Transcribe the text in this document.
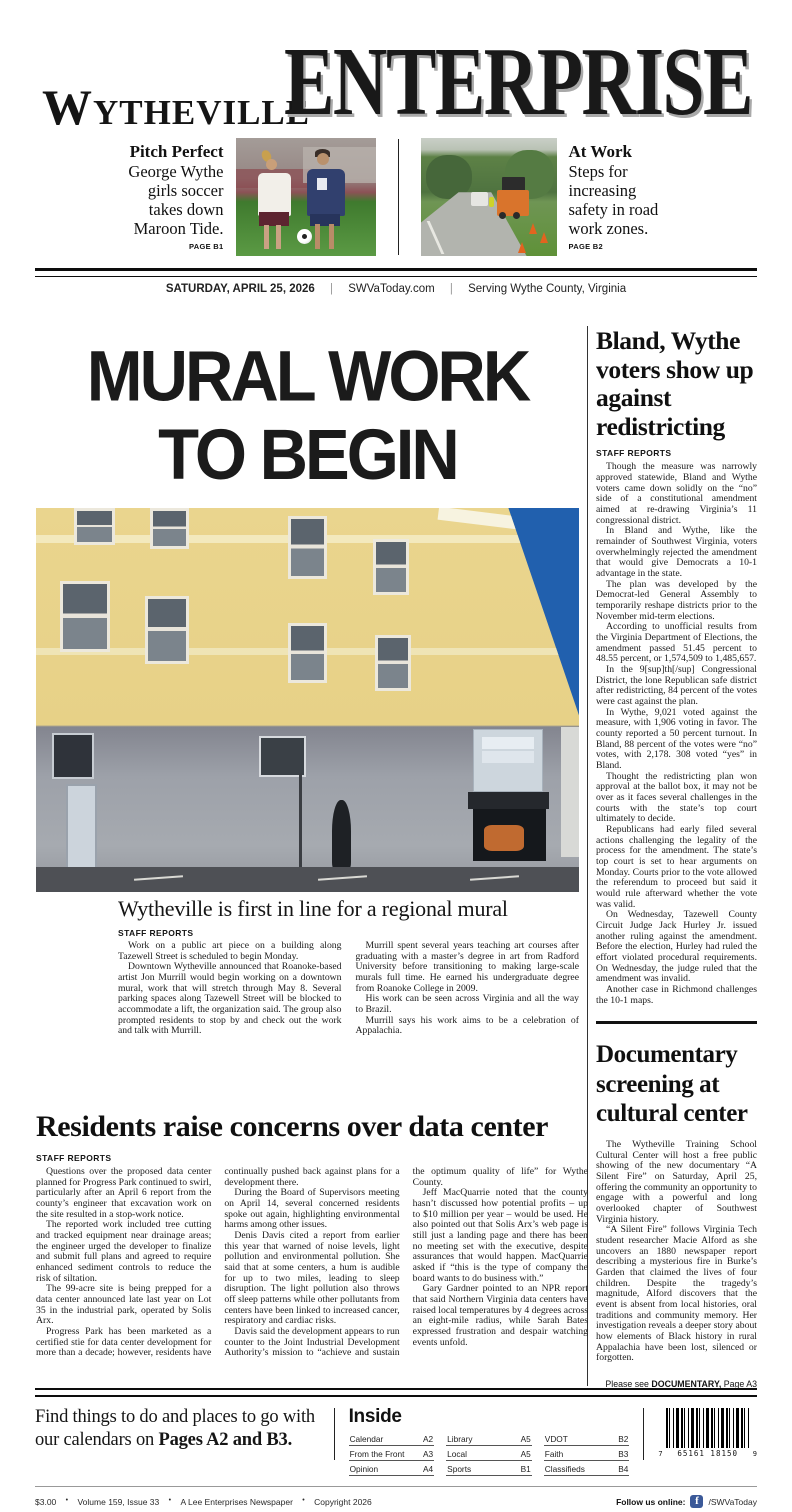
Wytheville
ENTERPRISE
Pitch Perfect
George Wythe girls soccer takes down Maroon Tide.
PAGE B1
At Work
Steps for increasing safety in road work zones.
PAGE B2
SATURDAY, APRIL 25, 2026 | SWVaToday.com | Serving Wythe County, Virginia
MURAL WORK
TO BEGIN
Wytheville is first in line for a regional mural
STAFF REPORTS

Work on a public art piece on a building along Tazewell Street is scheduled to begin Monday.

Downtown Wytheville announced that Roanoke-based artist Jon Murrill would begin working on a downtown mural, work that will stretch through May 8. Several parking spaces along Tazewell Street will be blocked to accommodate a lift, the organization said. The group also prompted residents to stop by and check out the work and talk with Murrill.

Murrill spent several years teaching art courses after graduating with a master’s degree in art from Radford University before transitioning to making large-scale murals full time. He earned his undergraduate degree from Roanoke College in 2009.

His work can be seen across Virginia and all the way to Brazil.

Murrill says his work aims to be a celebration of Appalachia.

Residents raise concerns over data center
STAFF REPORTS

Questions over the proposed data center planned for Progress Park continued to swirl, particularly after an April 6 report from the county’s engineer that excavation work on the site resulted in a stop-work notice.

The reported work included tree cutting and tracked equipment near drainage areas; the engineer urged the developer to finalize and submit full plans and agreed to require enhanced sediment controls to reduce the risk of siltation.

The 99-acre site is being prepped for a data center announced late last year on Lot 35 in the industrial park, operated by Solis Arx.

Progress Park has been marketed as a certified stie for data center development for more than a decade; however, residents have continually pushed back against plans for a development there.

During the Board of Supervisors meeting on April 14, several concerned residents spoke out again, highlighting environmental harms among other issues.

Denis Davis cited a report from earlier this year that warned of noise levels, light pollution and environmental pollution. She said that at some centers, a hum is audible for up to two miles, leading to sleep disruption. The light pollution also throws off sleep patterns while other pollutants from centers have been linked to increased cancer, respiratory and cardiac risks.

Davis said the development appears to run counter to the Joint Industrial Development Authority’s mission to “achieve and sustain the optimum quality of life” for Wythe County.

Jeff MacQuarrie noted that the county hasn’t discussed how potential profits – up to $10 million per year – would be used. He also pointed out that Solis Arx’s web page is still just a landing page and there has been no meeting set with the executive, despite assurances that would happen. MacQuarrie asked if “this is the type of company the board wants to do business with.”

Gary Gardner pointed to an NPR report that said Northern Virginia data centers have raised local temperatures by 4 degrees across an eight-mile radius, while Sarah Bates expressed frustration and despair watching events unfold.

Bland, Wythe voters show up against redistricting
STAFF REPORTS

Though the measure was narrowly approved statewide, Bland and Wythe voters came down solidly on the “no” side of a constitutional amendment aimed at re-drawing Virginia’s 11 congressional district.

In Bland and Wythe, like the remainder of Southwest Virginia, voters overwhelmingly rejected the amendment that would give Democrats a 10-1 advantage in the state.

The plan was developed by the Democrat-led General Assembly to temporarily reshape districts prior to the November mid-term elections.

According to unofficial results from the Virginia Department of Elections, the amendment passed 51.45 percent to 48.55 percent, or 1,574,509 to 1,485,657.

In the 9[sup]th[/sup] Congressional District, the lone Republican safe district after redistricting, 84 percent of the votes were cast against the plan.

In Wythe, 9,021 voted against the measure, with 1,906 voting in favor. The county reported a 50 percent turnout. In Bland, 88 percent of the votes were “no” votes, with 2,178. 308 voted “yes” in Bland.

Thought the redistricting plan won approval at the ballot box, it may not be over as it faces several challenges in the courts with the state’s top court ultimately to decide.

Republicans had early filed several actions challenging the legality of the process for the amendment. The state’s top court is set to hear arguments on Monday. Courts prior to the vote allowed the referendum to proceed but said it would rule afterward whether the vote was valid.

On Wednesday, Tazewell County Circuit Judge Jack Hurley Jr. issued another ruling against the amendment. Before the election, Hurley had ruled the effort violated procedural requirements. On Wednesday, the judge ruled that the amendment was invalid.

Another case in Richmond challenges the 10-1 maps.

Documentary screening at cultural center

The Wytheville Training School Cultural Center will host a free public showing of the new documentary “A Silent Fire” on Saturday, April 25, offering the community an opportunity to engage with a powerful and long overlooked chapter of Southwest Virginia history.

“A Silent Fire” follows Virginia Tech student researcher Macie Alford as she uncovers an 1880 newspaper report describing a mysterious fire in Burke’s Garden that claimed the lives of four children. Despite the tragedy’s magnitude, Alford discovers that the event is absent from local histories, oral traditions and community memory. Her investigation reveals a deeper story about how elements of Black history in rural Appalachia have been lost, silenced or forgotten.

Please see DOCUMENTARY, Page A3
Find things to do and places to go with our calendars on Pages A2 and B3.
Inside
Calendar	A2
From the Front A3
Opinion	A4
Library	A5
Local	A5
Sports	B1
VDOT	B2
Faith	B3
Classifieds	B4
7	65161 18150	9
$3.00 • Volume 159, Issue 33 • A Lee Enterprises Newspaper • Copyright 2026	Follow us online: f	/SWVaToday
